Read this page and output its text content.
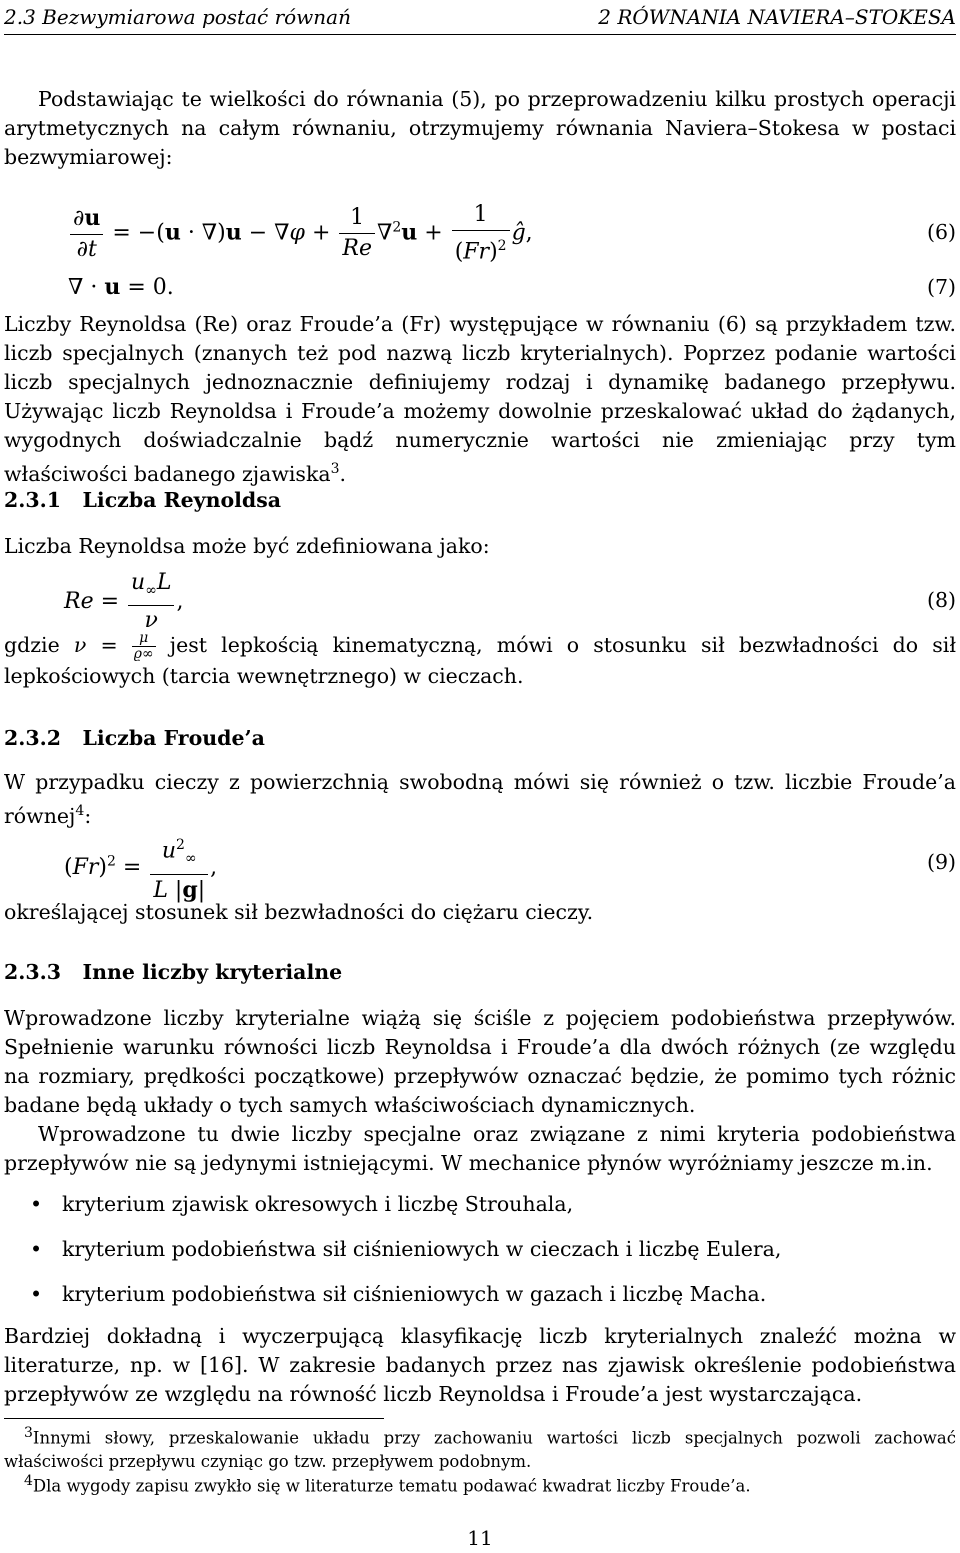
2.3 Bezwymiarowa postać równań	2 RÓWNANIA NAVIERA–STOKESA

Podstawiając te wielkości do równania (5), po przeprowadzeniu kilku prostych operacji arytmetycznych na całym równaniu, otrzymujemy równania Naviera–Stokesa w postaci bezwymiarowej:

$\frac{\partial u}{\partial t} = -(u \cdot \nabla)u - \nabla\varphi + \frac{1}{Re} \nabla^2u + \frac{1}{(Fr)^2}$ ĝ,	(6)
∇ · u = 0.	(7)

Liczby Reynoldsa (Re) oraz Froude’a (Fr) występujące w równaniu (6) są przykładem tzw. liczb specjalnych (znanych też pod nazwą liczb kryterialnych). Poprzez podanie wartości liczb specjalnych jednoznacznie definiujemy rodzaj i dynamikę badanego przepływu. Używając liczb Reynoldsa i Froude’a możemy dowolnie przeskalować układ do żądanych, wygodnych doświadczalnie bądź numerycznie wartości nie zmieniając przy tym właściwości badanego zjawiska$^3$.

2.3.1 Liczba Reynoldsa

Liczba Reynoldsa może być zdefiniowana jako:

$Re = \frac{u_\infty L}{\nu}$ ,	(8)

gdzie $\nu = \frac{\mu}{ϱ\infty}$ jest lepkością kinematyczną, mówi o stosunku sił bezwładności do sił lepkościowych (tarcia wewnętrznego) w cieczach.

2.3.2 Liczba Froude’a

W przypadku cieczy z powierzchnią swobodną mówi się również o tzw. liczbie Froude’a równej$^4$:

$(Fr)^2 = \frac{u^2_\infty}{L |g|}$ ,	(9)

określającej stosunek sił bezwładności do ciężaru cieczy.

2.3.3 Inne liczby kryterialne

Wprowadzone liczby kryterialne wiążą się ściśle z pojęciem podobieństwa przepływów. Spełnienie warunku równości liczb Reynoldsa i Froude’a dla dwóch różnych (ze względu na rozmiary, prędkości początkowe) przepływów oznaczać będzie, że pomimo tych różnic badane będą układy o tych samych właściwościach dynamicznych.

Wprowadzone tu dwie liczby specjalne oraz związane z nimi kryteria podobieństwa przepływów nie są jedynymi istniejącymi. W mechanice płynów wyróżniamy jeszcze m.in.

• kryterium zjawisk okresowych i liczbę Strouhala,
• kryterium podobieństwa sił ciśnieniowych w cieczach i liczbę Eulera,
• kryterium podobieństwa sił ciśnieniowych w gazach i liczbę Macha.

Bardziej dokładną i wyczerpującą klasyfikację liczb kryterialnych znaleźć można w literaturze, np. w [16]. W zakresie badanych przez nas zjawisk określenie podobieństwa przepływów ze względu na równość liczb Reynoldsa i Froude’a jest wystarczająca.

$^3$Innymi słowy, przeskalowanie układu przy zachowaniu wartości liczb specjalnych pozwoli zachować właściwości przepływu czyniąc go tzw. przepływem podobnym.

$^4$Dla wygody zapisu zwykło się w literaturze tematu podawać kwadrat liczby Froude’a.

11
